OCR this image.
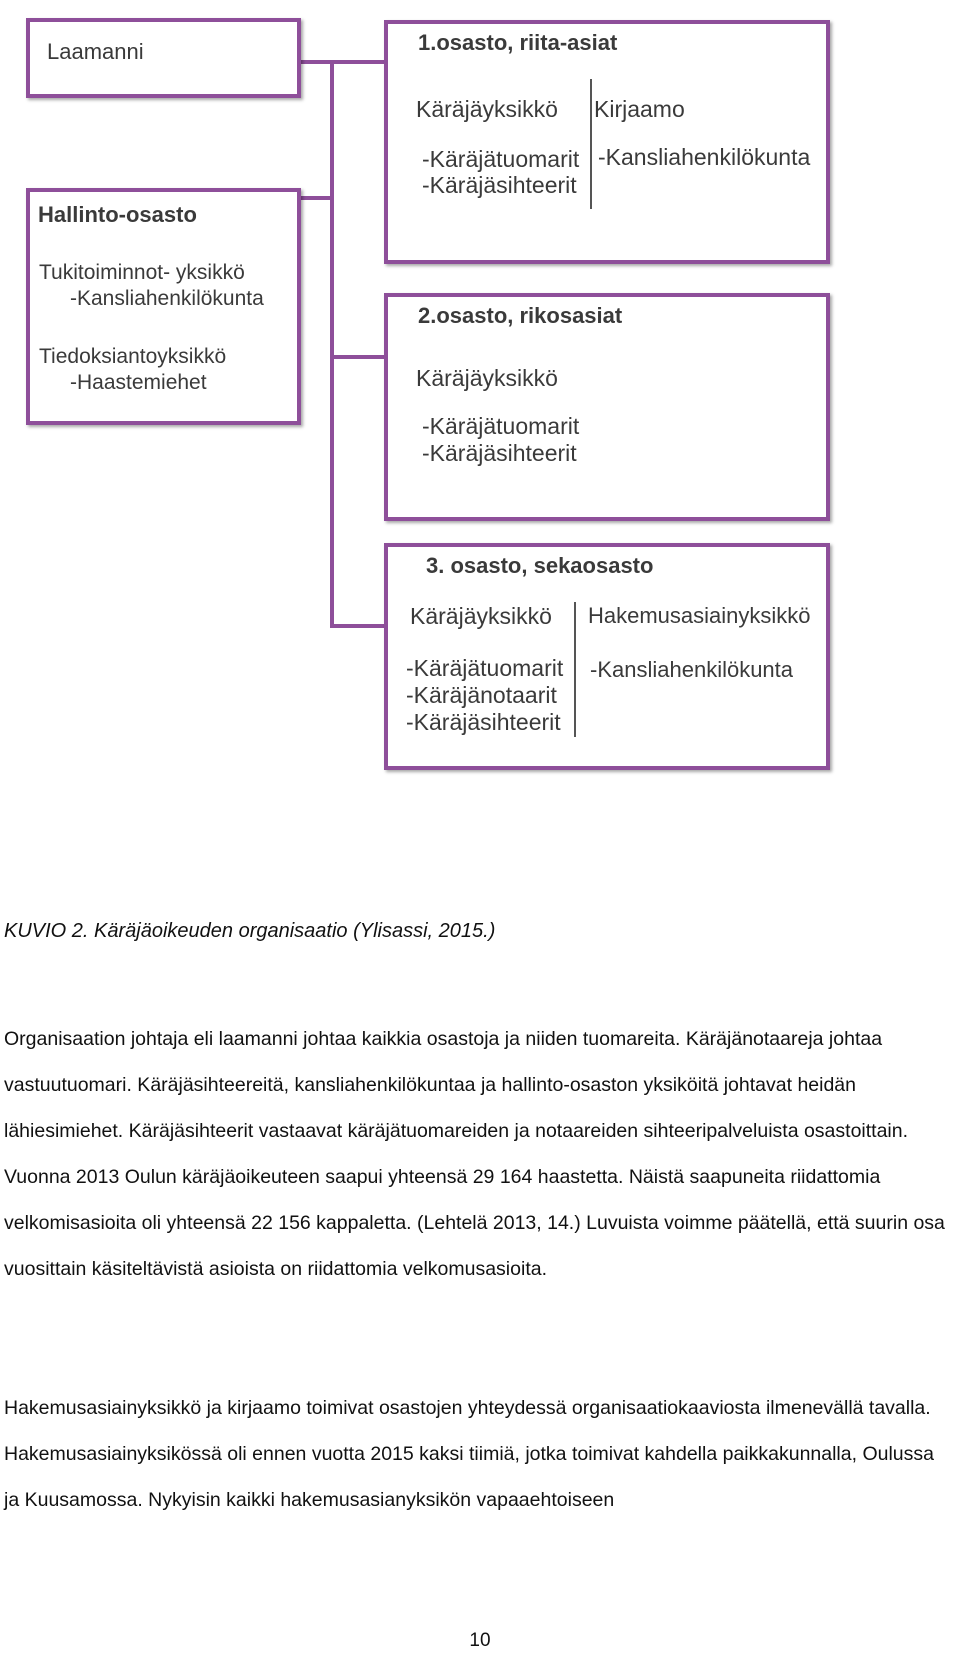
Laamanni
Hallinto-osasto
Tukitoiminnot- yksikkö
-Kansliahenkilökunta
Tiedoksiantoyksikkö
-Haastemiehet
1.osasto, riita-asiat
Käräjäyksikkö
-Käräjätuomarit
-Käräjäsihteerit
Kirjaamo
-Kansliahenkilökunta
2.osasto, rikosasiat
Käräjäyksikkö
-Käräjätuomarit
-Käräjäsihteerit
3. osasto, sekaosasto
Käräjäyksikkö
-Käräjätuomarit
-Käräjänotaarit
-Käräjäsihteerit
Hakemusasiainyksikkö
-Kansliahenkilökunta
KUVIO 2. Käräjäoikeuden organisaatio (Ylisassi, 2015.)

Organisaation johtaja eli laamanni johtaa kaikkia osastoja ja niiden tuomareita. Käräjänotaareja johtaa vastuutuomari. Käräjäsihteereitä, kansliahenkilökuntaa ja hallinto-osaston yksiköitä johtavat heidän lähiesimiehet. Käräjäsihteerit vastaavat käräjätuomareiden ja notaareiden sihteeripalveluista osastoittain. Vuonna 2013 Oulun käräjäoikeuteen saapui yhteensä 29 164 haastetta. Näistä saapuneita riidattomia velkomisasioita oli yhteensä 22 156 kappaletta. (Lehtelä 2013, 14.) Luvuista voimme päätellä, että suurin osa vuosittain käsiteltävistä asioista on riidattomia velkomusasioita.

Hakemusasiainyksikkö ja kirjaamo toimivat osastojen yhteydessä organisaatiokaaviosta ilmenevällä tavalla. Hakemusasiainyksikössä oli ennen vuotta 2015 kaksi tiimiä, jotka toimivat kahdella paikkakunnalla, Oulussa ja Kuusamossa. Nykyisin kaikki hakemusasianyksikön vapaaehtoiseen

10
